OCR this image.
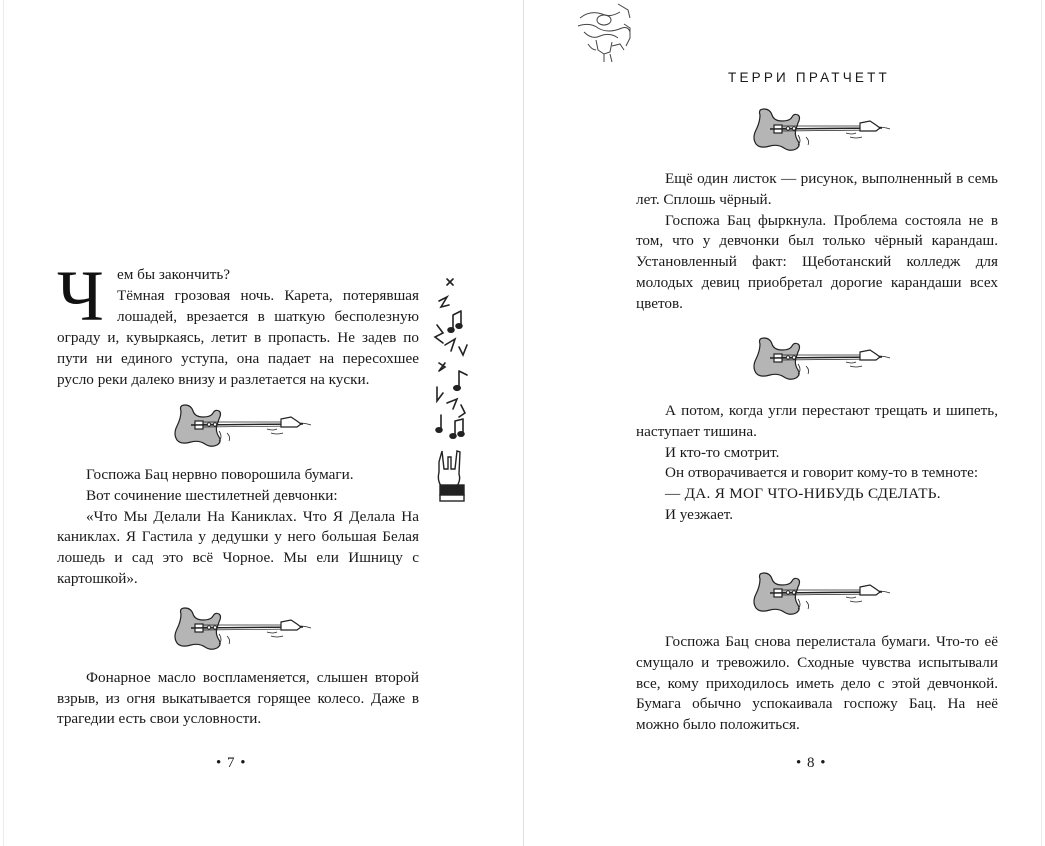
Ч ем бы закончить?
Тёмная грозовая ночь. Карета, потерявшая
лошадей, врезается в шаткую бесполезную
ограду и, кувыркаясь, летит в пропасть. Не задев по
пути ни единого уступа, она падает на пересохшее
русло реки далеко внизу и разлетается на куски.

Госпожа Бац нервно поворошила бумаги.

Вот сочинение шестилетней девчонки:

«Что Мы Делали На Каниклах. Что Я Делала На каниклах. Я Гастила у дедушки у него большая Белая лошедь и сад это всё Чорное. Мы ели Ишницу с картошкой».

Фонарное масло воспламеняется, слышен второй взрыв, из огня выкатывается горящее колесо. Даже в трагедии есть свои условности.

• 7 •
ТЕРРИ ПРАТЧЕТТ

Ещё один листок — рисунок, выполненный в семь лет. Сплошь чёрный.

Госпожа Бац фыркнула. Проблема состояла не в том, что у девчонки был только чёрный карандаш. Установленный факт: Щеботанский колледж для молодых девиц приобретал дорогие карандаши всех цветов.

А потом, когда угли перестают трещать и шипеть, наступает тишина.

И кто-то смотрит.

Он отворачивается и говорит кому-то в темноте:

— ДА. Я МОГ ЧТО-НИБУДЬ СДЕЛАТЬ.

И уезжает.

Госпожа Бац снова перелистала бумаги. Что-то её смущало и тревожило. Сходные чувства испытывали все, кому приходилось иметь дело с этой девчонкой. Бумага обычно успокаивала госпожу Бац. На неё можно было положиться.

• 8 •
